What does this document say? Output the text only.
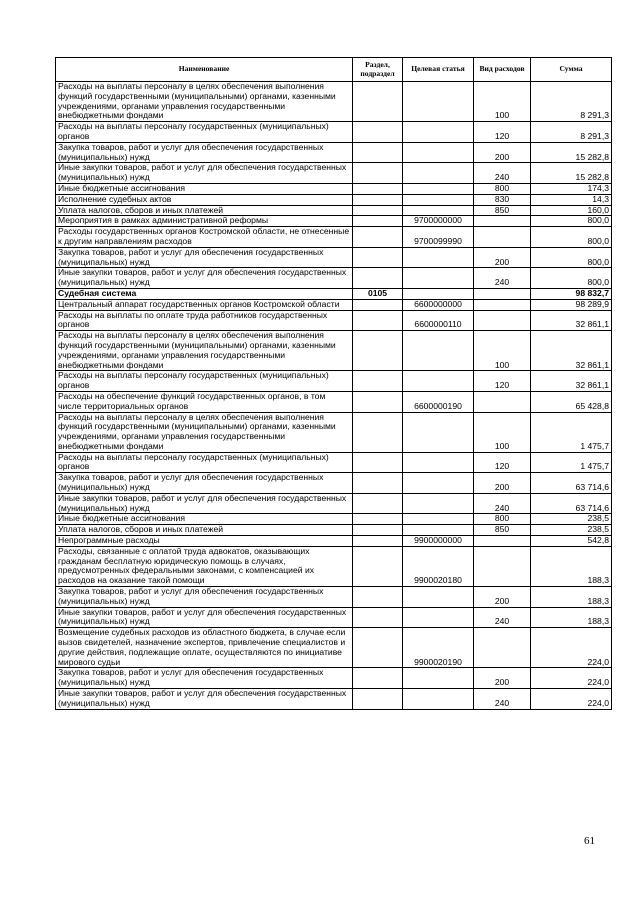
Наименование	Раздел, подраздел	Целевая статья	Вид расходов	Сумма
Расходы на выплаты персоналу в целях обеспечения выполнения функций государственными (муниципальными) органами, казенными учреждениями, органами управления государственными внебюджетными фондами			100	8 291,3
Расходы на выплаты персоналу государственных (муниципальных) органов			120	8 291,3
Закупка товаров, работ и услуг для обеспечения государственных (муниципальных) нужд			200	15 282,8
Иные закупки товаров, работ и услуг для обеспечения государственных (муниципальных) нужд			240	15 282,8
Иные бюджетные ассигнования			800	174,3
Исполнение судебных актов			830	14,3
Уплата налогов, сборов и иных платежей			850	160,0
Мероприятия в рамках административной реформы		9700000000		800,0
Расходы государственных органов Костромской области, не отнесенные к другим направлениям расходов		9700099990		800,0
Закупка товаров, работ и услуг для обеспечения государственных (муниципальных) нужд			200	800,0
Иные закупки товаров, работ и услуг для обеспечения государственных (муниципальных) нужд			240	800,0
Судебная система	0105			98 832,7
Центральный аппарат государственных органов Костромской области		6600000000		98 289,9
Расходы на выплаты по оплате труда работников государственных органов		6600000110		32 861,1
Расходы на выплаты персоналу в целях обеспечения выполнения функций государственными (муниципальными) органами, казенными учреждениями, органами управления государственными внебюджетными фондами			100	32 861,1
Расходы на выплаты персоналу государственных (муниципальных) органов			120	32 861,1
Расходы на обеспечение функций государственных органов, в том числе территориальных органов		6600000190		65 428,8
Расходы на выплаты персоналу в целях обеспечения выполнения функций государственными (муниципальными) органами, казенными учреждениями, органами управления государственными внебюджетными фондами			100	1 475,7
Расходы на выплаты персоналу государственных (муниципальных) органов			120	1 475,7
Закупка товаров, работ и услуг для обеспечения государственных (муниципальных) нужд			200	63 714,6
Иные закупки товаров, работ и услуг для обеспечения государственных (муниципальных) нужд			240	63 714,6
Иные бюджетные ассигнования			800	238,5
Уплата налогов, сборов и иных платежей			850	238,5
Непрограммные расходы		9900000000		542,8
Расходы, связанные с оплатой труда адвокатов, оказывающих гражданам бесплатную юридическую помощь в случаях, предусмотренных федеральными законами, с компенсацией их расходов на оказание такой помощи		9900020180		188,3
Закупка товаров, работ и услуг для обеспечения государственных (муниципальных) нужд			200	188,3
Иные закупки товаров, работ и услуг для обеспечения государственных (муниципальных) нужд			240	188,3
Возмещение судебных расходов из областного бюджета, в случае если вызов свидетелей, назначение экспертов, привлечение специалистов и другие действия, подлежащие оплате, осуществляются по инициативе мирового судьи		9900020190		224,0
Закупка товаров, работ и услуг для обеспечения государственных (муниципальных) нужд			200	224,0
Иные закупки товаров, работ и услуг для обеспечения государственных (муниципальных) нужд			240	224,0
61
